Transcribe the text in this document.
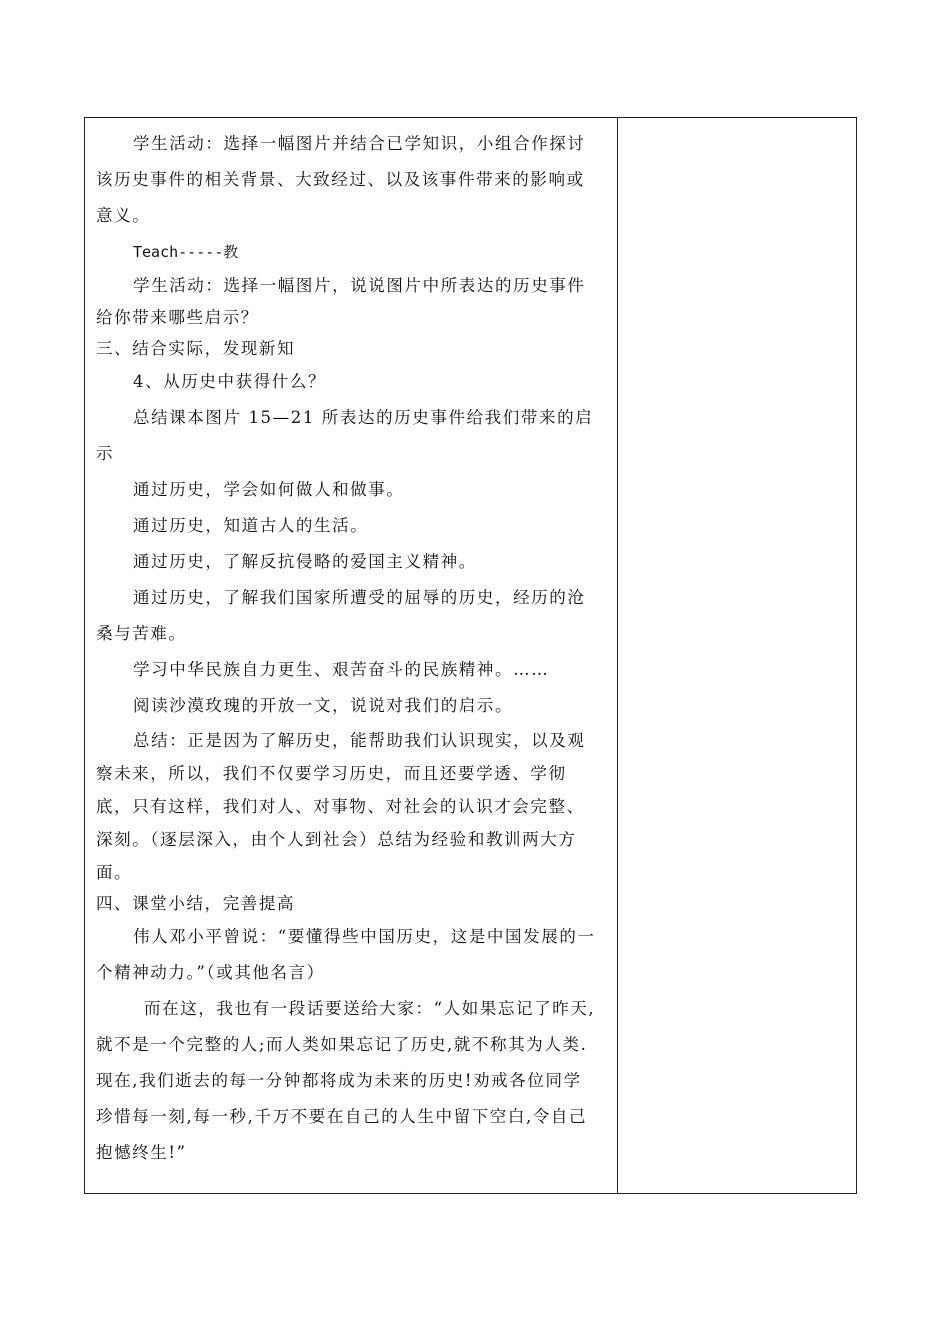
学生活动：选择一幅图片并结合已学知识，小组合作探讨该历史事件的相关背景、大致经过、以及该事件带来的影响或意义。

Teach-----教

学生活动：选择一幅图片，说说图片中所表达的历史事件给你带来哪些启示？

三、结合实际，发现新知

4、从历史中获得什么？

总结课本图片 15—21 所表达的历史事件给我们带来的启示

通过历史，学会如何做人和做事。

通过历史，知道古人的生活。

通过历史，了解反抗侵略的爱国主义精神。

通过历史，了解我们国家所遭受的屈辱的历史，经历的沧桑与苦难。

学习中华民族自力更生、艰苦奋斗的民族精神。……

阅读沙漠玫瑰的开放一文，说说对我们的启示。

总结：正是因为了解历史，能帮助我们认识现实，以及观察未来，所以，我们不仅要学习历史，而且还要学透、学彻底，只有这样，我们对人、对事物、对社会的认识才会完整、深刻。（逐层深入，由个人到社会）总结为经验和教训两大方面。

四、课堂小结，完善提高

伟人邓小平曾说：“要懂得些中国历史，这是中国发展的一个精神动力。”（或其他名言）

而在这，我也有一段话要送给大家：“人如果忘记了昨天,就不是一个完整的人;而人类如果忘记了历史,就不称其为人类.现在,我们逝去的每一分钟都将成为未来的历史!劝戒各位同学珍惜每一刻,每一秒,千万不要在自己的人生中留下空白,令自己抱憾终生!”
